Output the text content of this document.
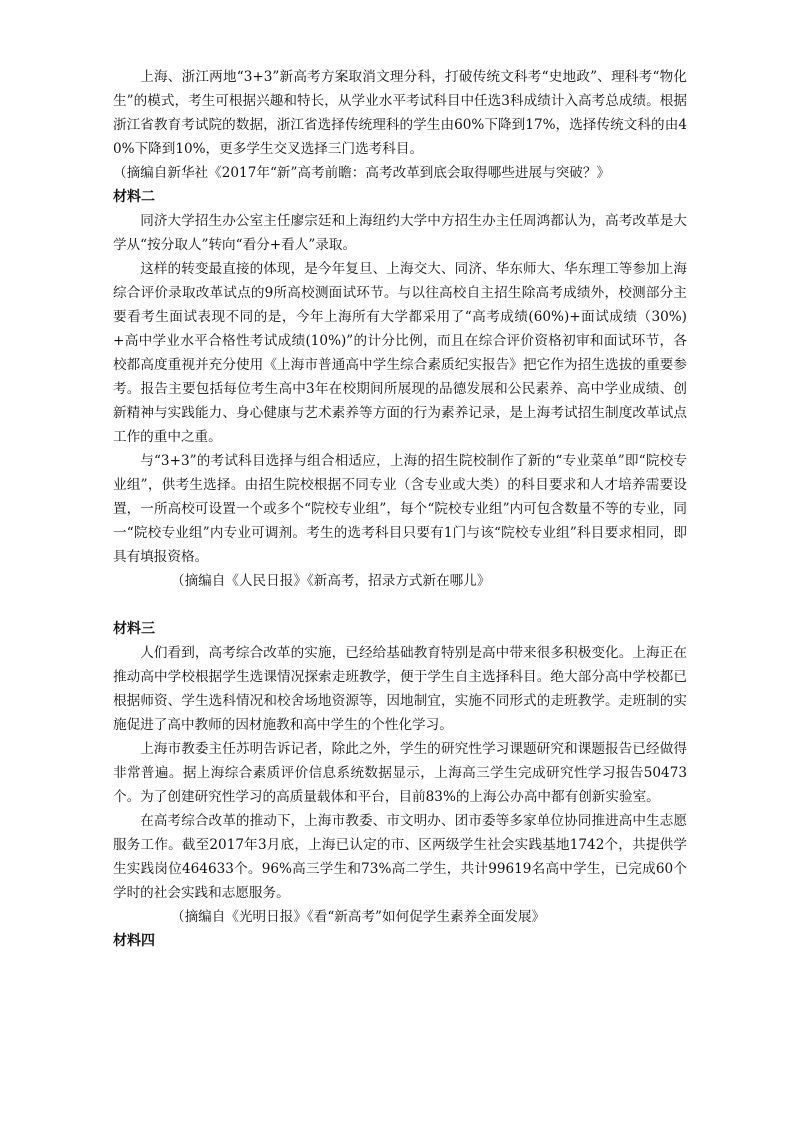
上海、浙江两地“3+3”新高考方案取消文理分科，打破传统文科考“史地政”、理科考“物化生”的模式，考生可根据兴趣和特长，从学业水平考试科目中任选3科成绩计入高考总成绩。根据浙江省教育考试院的数据，浙江省选择传统理科的学生由60%下降到17%，选择传统文科的由40%下降到10%，更多学生交叉选择三门选考科目。

（摘编自新华社《2017年“新”高考前瞻：高考改革到底会取得哪些进展与突破？》

材料二

同济大学招生办公室主任廖宗廷和上海纽约大学中方招生办主任周鸿都认为，高考改革是大学从“按分取人”转向“看分+看人”录取。

这样的转变最直接的体现，是今年复旦、上海交大、同济、华东师大、华东理工等参加上海综合评价录取改革试点的9所高校测面试环节。与以往高校自主招生除高考成绩外，校测部分主要看考生面试表现不同的是，今年上海所有大学都采用了“高考成绩(60%)+面试成绩（30%)+高中学业水平合格性考试成绩(10%)”的计分比例，而且在综合评价资格初审和面试环节，各校都高度重视并充分使用《上海市普通高中学生综合素质纪实报告》把它作为招生选拔的重要参考。报告主要包括每位考生高中3年在校期间所展现的品德发展和公民素养、高中学业成绩、创新精神与实践能力、身心健康与艺术素养等方面的行为素养记录，是上海考试招生制度改革试点工作的重中之重。

与“3+3”的考试科目选择与组合相适应，上海的招生院校制作了新的“专业菜单”即“院校专业组”，供考生选择。由招生院校根据不同专业（含专业或大类）的科目要求和人才培养需要设置，一所高校可设置一个或多个“院校专业组”，每个“院校专业组”内可包含数量不等的专业，同一“院校专业组”内专业可调剂。考生的选考科目只要有1门与该“院校专业组”科目要求相同，即具有填报资格。

（摘编自《人民日报》《新高考，招录方式新在哪儿》

材料三

人们看到，高考综合改革的实施，已经给基础教育特别是高中带来很多积极变化。上海正在推动高中学校根据学生选课情况探索走班教学，便于学生自主选择科目。绝大部分高中学校都已根据师资、学生选科情况和校舍场地资源等，因地制宜，实施不同形式的走班教学。走班制的实施促进了高中教师的因材施教和高中学生的个性化学习。

上海市教委主任苏明告诉记者，除此之外，学生的研究性学习课题研究和课题报告已经做得非常普遍。据上海综合素质评价信息系统数据显示，上海高三学生完成研究性学习报告50473个。为了创建研究性学习的高质量载体和平台，目前83%的上海公办高中都有创新实验室。

在高考综合改革的推动下，上海市教委、市文明办、团市委等多家单位协同推进高中生志愿服务工作。截至2017年3月底，上海已认定的市、区两级学生社会实践基地1742个，共提供学生实践岗位464633个。96%高三学生和73%高二学生，共计99619名高中学生，已完成60个学时的社会实践和志愿服务。

（摘编自《光明日报》《看“新高考”如何促学生素养全面发展》

材料四
